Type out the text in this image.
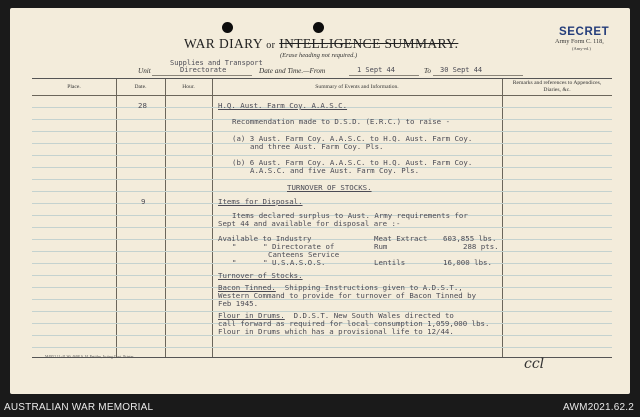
WAR DIARY or INTELLIGENCE SUMMARY.
(Erase heading not required.)
SECRET
Army Form C. 118,
(Amy-ed.)
Supplies and Transport
Unit	Directorate	Date and Time.—From	1 Sept 44	To 30 Sept 44
Place.	Date.	Hour.	Summary of Events and Information.
Remarks and references to Appendices, Diaries, &c.
28	H.Q. Aust. Farm Coy. A.A.S.C.
Recommendation made to D.S.D. (E.R.C.) to raise -
(a) 3 Aust. Farm Coy. A.A.S.C. to H.Q. Aust. Farm Coy.
and three Aust. Farm Coy. Pls.
(b) 6 Aust. Farm Coy. A.A.S.C. to H.Q. Aust. Farm Coy.
A.A.S.C. and five Aust. Farm Coy. Pls.
TURNOVER OF STOCKS.
9	Items for Disposal.
Items declared surplus to Aust. Army requirements for
Sept 44 and available for disposal are :-
Available to Industry	Meat Extract 603,855 lbs.
"      " Directorate of	Rum	288 pts.
Canteens Service
"      " U.S.A.S.O.S.	Lentils	16,000 lbs.
Turnover of Stocks.
Bacon Tinned. Shipping Instructions given to A.D.S.T.,
Western Command to provide for turnover of Bacon Tinned by
Feb 1945.
Flour in Drums. D.D.S.T. New South Wales directed to
call forward as required for local consumption 1,059,000 lbs.
Flour in Drums which has a provisional life to 12/44.
M4952 11-41 Wt 4698 A. H. Pettifer, Acting Govt. Printer.	ccl
AUSTRALIAN WAR MEMORIAL	AWM2021.62.2
